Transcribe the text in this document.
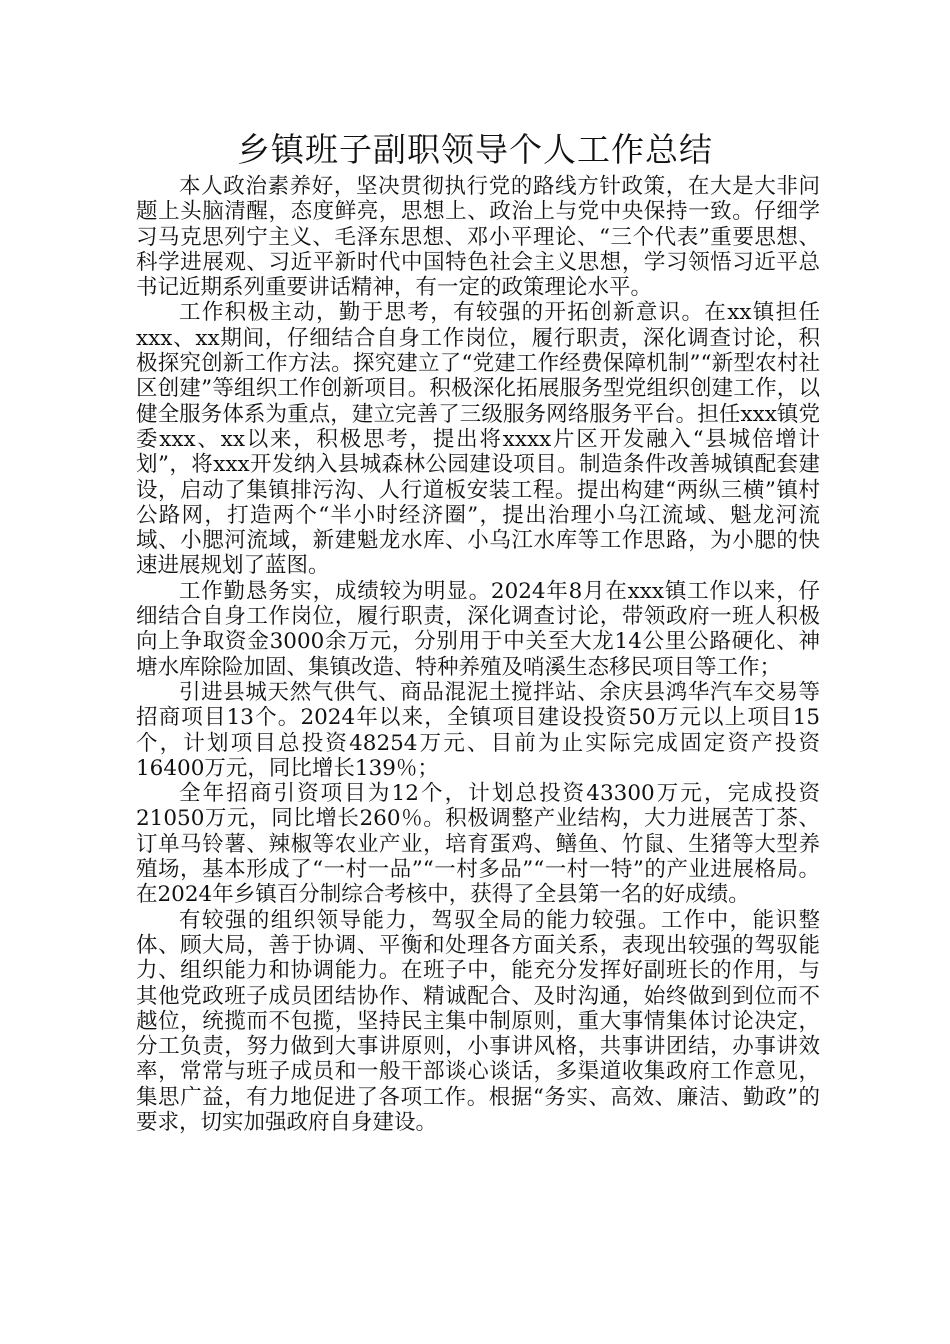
乡镇班子副职领导个人工作总结

本人政治素养好，坚决贯彻执行党的路线方针政策，在大是大非问题上头脑清醒，态度鲜亮，思想上、政治上与党中央保持一致。仔细学习马克思列宁主义、毛泽东思想、邓小平理论、“三个代表”重要思想、科学进展观、习近平新时代中国特色社会主义思想，学习领悟习近平总书记近期系列重要讲话精神，有一定的政策理论水平。

工作积极主动，勤于思考，有较强的开拓创新意识。在xx镇担任xxx、xx期间，仔细结合自身工作岗位，履行职责，深化调查讨论，积极探究创新工作方法。探究建立了“党建工作经费保障机制”“新型农村社区创建”等组织工作创新项目。积极深化拓展服务型党组织创建工作，以健全服务体系为重点，建立完善了三级服务网络服务平台。担任xxx镇党委xxx、xx以来，积极思考，提出将xxxx片区开发融入“县城倍增计划”，将xxx开发纳入县城森林公园建设项目。制造条件改善城镇配套建设，启动了集镇排污沟、人行道板安装工程。提出构建“两纵三横”镇村公路网，打造两个“半小时经济圈”，提出治理小乌江流域、魁龙河流域、小腮河流域，新建魁龙水库、小乌江水库等工作思路，为小腮的快速进展规划了蓝图。

工作勤恳务实，成绩较为明显。2024年8月在xxx镇工作以来，仔细结合自身工作岗位，履行职责，深化调查讨论，带领政府一班人积极向上争取资金3000余万元，分别用于中关至大龙14公里公路硬化、神塘水库除险加固、集镇改造、特种养殖及哨溪生态移民项目等工作；

引进县城天然气供气、商品混泥土搅拌站、余庆县鸿华汽车交易等招商项目13个。2024年以来，全镇项目建设投资50万元以上项目15个，计划项目总投资48254万元、目前为止实际完成固定资产投资16400万元，同比增长139％；

全年招商引资项目为12个，计划总投资43300万元，完成投资21050万元，同比增长260％。积极调整产业结构，大力进展苦丁茶、订单马铃薯、辣椒等农业产业，培育蛋鸡、鳝鱼、竹鼠、生猪等大型养殖场，基本形成了“一村一品”“一村多品”“一村一特”的产业进展格局。在2024年乡镇百分制综合考核中，获得了全县第一名的好成绩。

有较强的组织领导能力，驾驭全局的能力较强。工作中，能识整体、顾大局，善于协调、平衡和处理各方面关系，表现出较强的驾驭能力、组织能力和协调能力。在班子中，能充分发挥好副班长的作用，与其他党政班子成员团结协作、精诚配合、及时沟通，始终做到到位而不越位，统揽而不包揽，坚持民主集中制原则，重大事情集体讨论决定，分工负责，努力做到大事讲原则，小事讲风格，共事讲团结，办事讲效率，常常与班子成员和一般干部谈心谈话，多渠道收集政府工作意见，集思广益，有力地促进了各项工作。根据“务实、高效、廉洁、勤政”的要求，切实加强政府自身建设。
